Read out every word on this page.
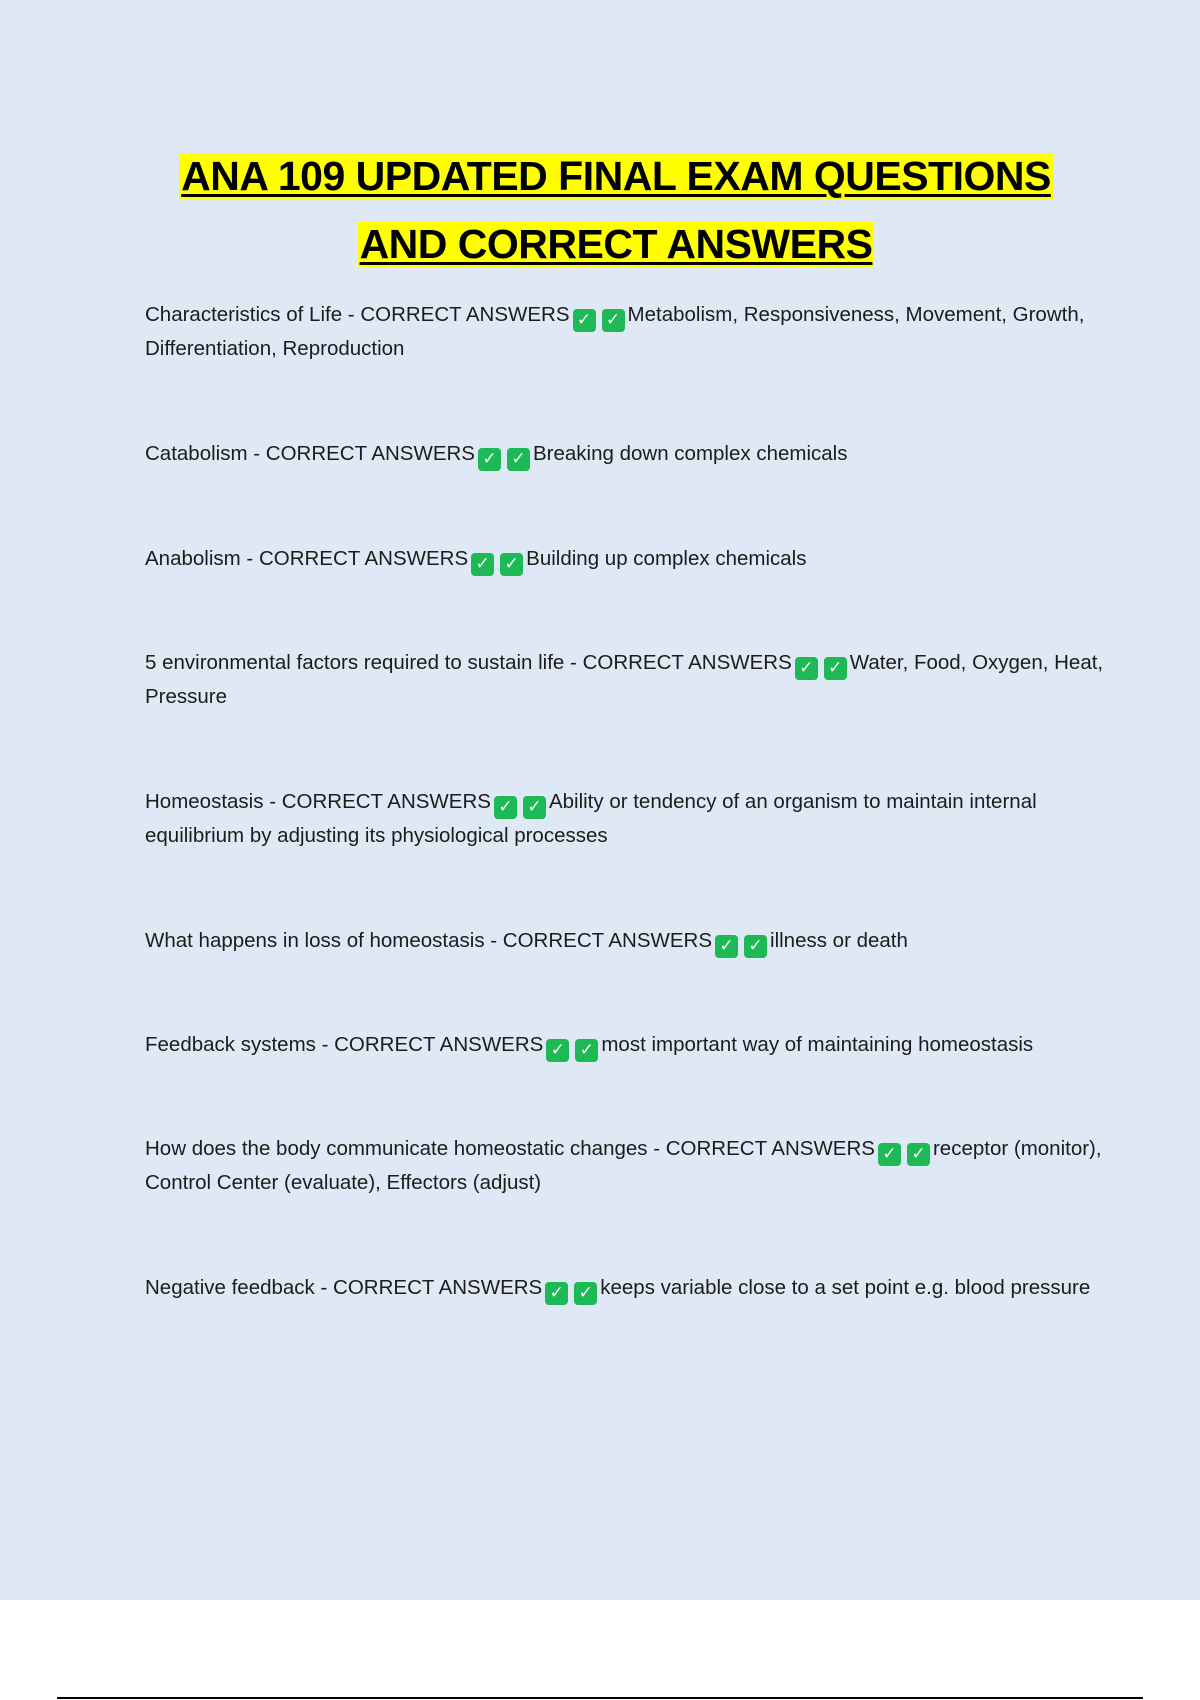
ANA 109 UPDATED FINAL EXAM QUESTIONS
AND CORRECT ANSWERS
Characteristics of Life - CORRECT ANSWERS ✓ ✓ Metabolism, Responsiveness, Movement, Growth, Differentiation, Reproduction
Catabolism - CORRECT ANSWERS ✓ ✓ Breaking down complex chemicals
Anabolism - CORRECT ANSWERS ✓ ✓ Building up complex chemicals
5 environmental factors required to sustain life - CORRECT ANSWERS ✓ ✓ Water, Food, Oxygen, Heat, Pressure
Homeostasis - CORRECT ANSWERS ✓ ✓ Ability or tendency of an organism to maintain internal equilibrium by adjusting its physiological processes
What happens in loss of homeostasis - CORRECT ANSWERS ✓ ✓ illness or death
Feedback systems - CORRECT ANSWERS ✓ ✓ most important way of maintaining homeostasis
How does the body communicate homeostatic changes - CORRECT ANSWERS ✓ ✓ receptor (monitor), Control Center (evaluate), Effectors (adjust)
Negative feedback - CORRECT ANSWERS ✓ ✓ keeps variable close to a set point e.g. blood pressure
